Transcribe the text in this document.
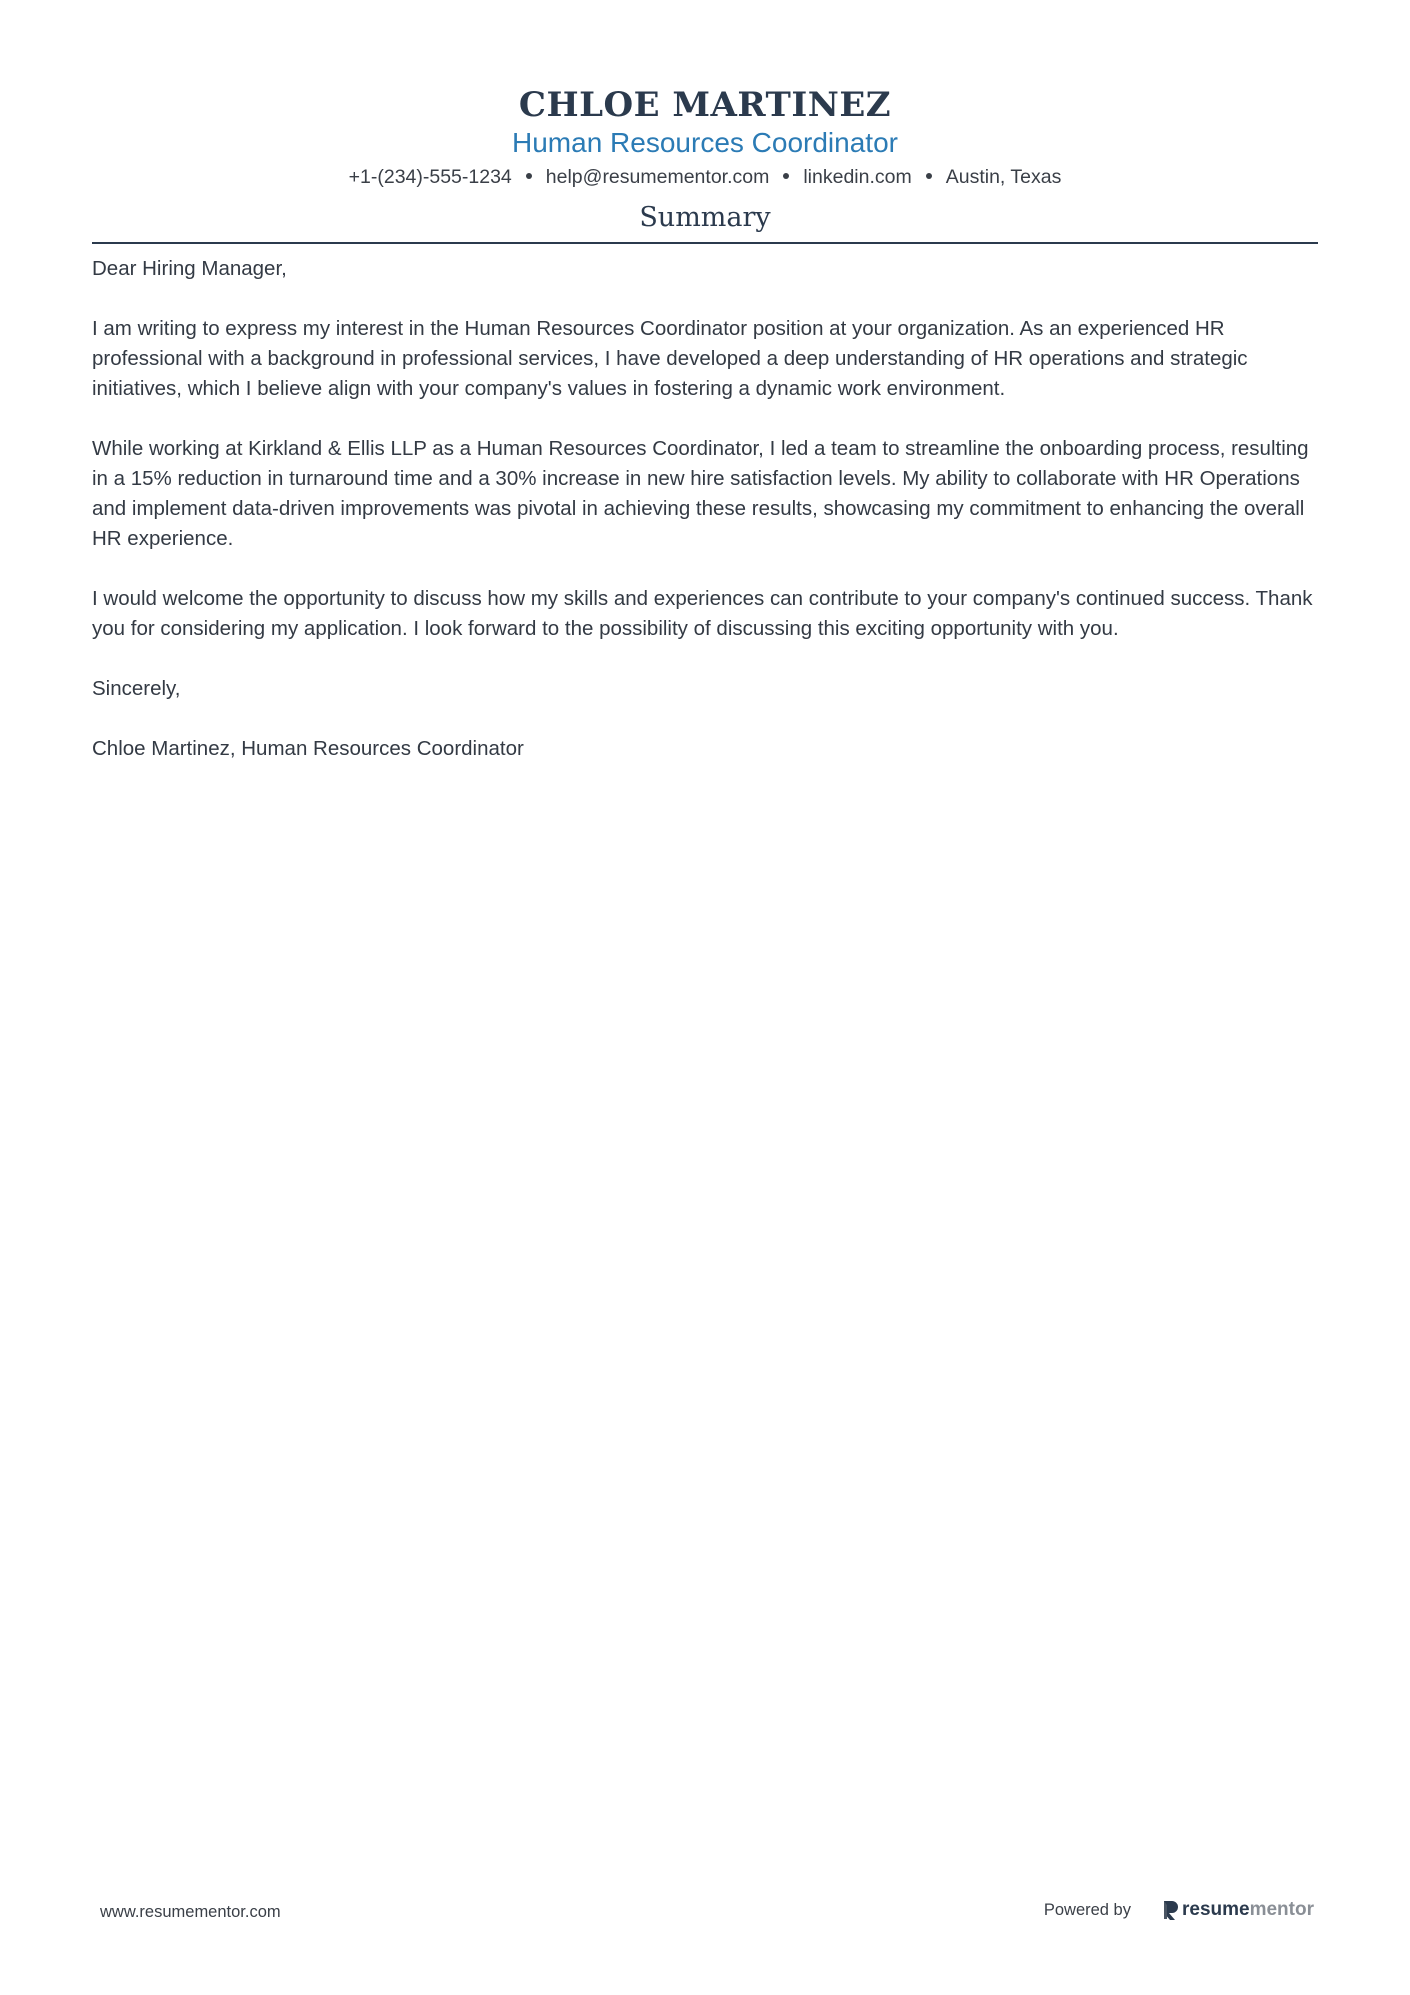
CHLOE MARTINEZ
Human Resources Coordinator
+1-(234)-555-1234 help@resumementor.com linkedin.com Austin, Texas
Summary

Dear Hiring Manager,

I am writing to express my interest in the Human Resources Coordinator position at your organization. As an experienced HR professional with a background in professional services, I have developed a deep understanding of HR operations and strategic initiatives, which I believe align with your company's values in fostering a dynamic work environment.

While working at Kirkland & Ellis LLP as a Human Resources Coordinator, I led a team to streamline the onboarding process, resulting in a 15% reduction in turnaround time and a 30% increase in new hire satisfaction levels. My ability to collaborate with HR Operations and implement data-driven improvements was pivotal in achieving these results, showcasing my commitment to enhancing the overall HR experience.

I would welcome the opportunity to discuss how my skills and experiences can contribute to your company's continued success. Thank you for considering my application. I look forward to the possibility of discussing this exciting opportunity with you.

Sincerely,

Chloe Martinez, Human Resources Coordinator

www.resumementor.com	Powered by	resume mentor
